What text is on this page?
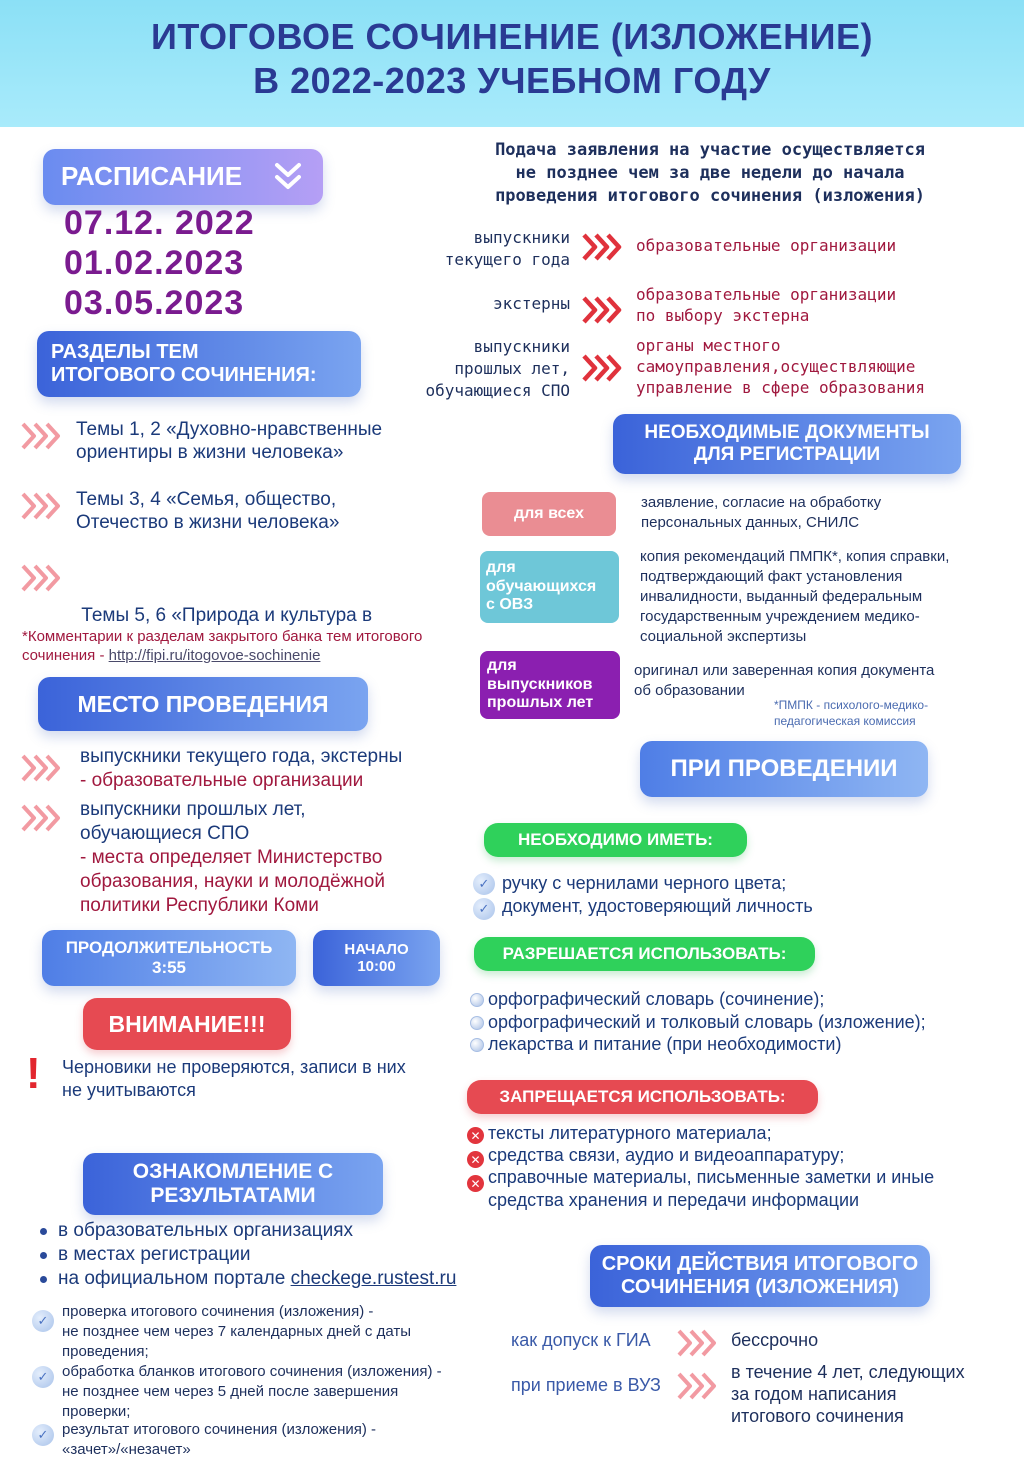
ИТОГОВОЕ СОЧИНЕНИЕ (ИЗЛОЖЕНИЕ)
В 2022-2023 УЧЕБНОМ ГОДУ
РАСПИСАНИЕ
07.12. 2022
01.02.2023
03.05.2023
РАЗДЕЛЫ ТЕМ
ИТОГОВОГО СОЧИНЕНИЯ:
Темы 1, 2 «Духовно-нравственные
ориентиры в жизни человека»
Темы 3, 4 «Семья, общество,
Отечество в жизни человека»

Темы 5, 6 «Природа и культура в

*Комментарии к разделам закрытого банка тем итогового
сочинения - http://fipi.ru/itogovoe-sochinenie
МЕСТО ПРОВЕДЕНИЯ
выпускники текущего года, экстерны
- образовательные организации
выпускники прошлых лет,
обучающиеся СПО
- места определяет Министерство
образования, науки и молодёжной
политики Республики Коми
ПРОДОЛЖИТЕЛЬНОСТЬ
3:55
НАЧАЛО
10:00
ВНИМАНИЕ!!!
! Черновики не проверяются, записи в них
не учитываются
ОЗНАКОМЛЕНИЕ С
РЕЗУЛЬТАТАМИ
в образовательных организациях
в местах регистрации
на официальном портале checkege.rustest.ru
✓
проверка итогового сочинения (изложения) -
не позднее чем через 7 календарных дней с даты
проведения;
✓ обработка бланков итогового сочинения (изложения) -
не позднее чем через 5 дней после завершения
проверки;
✓ результат итогового сочинения (изложения) -
«зачет»/«незачет»
Подача заявления на участие осуществляется
не позднее чем за две недели до начала
проведения итогового сочинения (изложения)
выпускники
текущего года
образовательные организации
экстерны	образовательные организации
по выбору экстерна
выпускники
прошлых лет,
обучающиеся СПО
органы местного
самоуправления,осуществляющие
управление в сфере образования
НЕОБХОДИМЫЕ ДОКУМЕНТЫ
ДЛЯ РЕГИСТРАЦИИ
для всех
заявление, согласие на обработку
персональных данных, СНИЛС
для
обучающихся
с ОВЗ
копия рекомендаций ПМПК*, копия справки,
подтверждающий факт установления
инвалидности, выданный федеральным
государственным учреждением медико-
социальной экспертизы
для
выпускников
прошлых лет
оригинал или заверенная копия документа
об образовании
*ПМПК - психолого-медико-
педагогическая комиссия
ПРИ ПРОВЕДЕНИИ
НЕОБХОДИМО ИМЕТЬ:
✓ ручку с чернилами черного цвета;
✓ документ, удостоверяющий личность
РАЗРЕШАЕТСЯ ИСПОЛЬЗОВАТЬ:
орфографический словарь (сочинение);
орфографический и толковый словарь (изложение);
лекарства и питание (при необходимости)
ЗАПРЕЩАЕТСЯ ИСПОЛЬЗОВАТЬ:
✕ тексты литературного материала;
✕ средства связи, аудио и видеоаппаратуру;
✕ справочные материалы, письменные заметки и иные
средства хранения и передачи информации
СРОКИ ДЕЙСТВИЯ ИТОГОВОГО
СОЧИНЕНИЯ (ИЗЛОЖЕНИЯ)
как допуск к ГИА	бессрочно
при приеме в ВУЗ
в течение 4 лет, следующих
за годом написания
итогового сочинения
